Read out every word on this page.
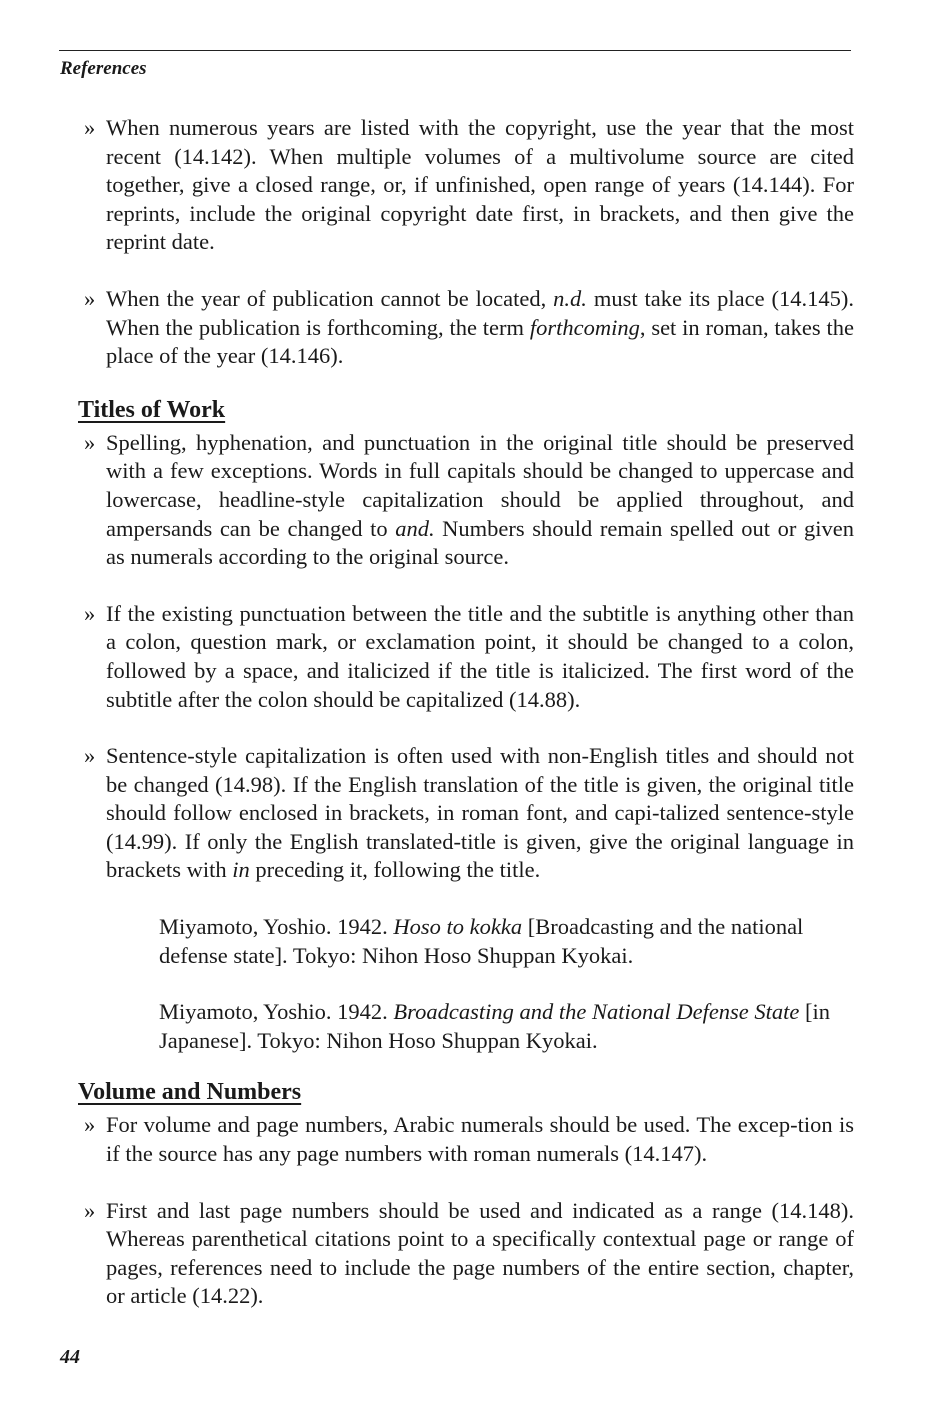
References
» When numerous years are listed with the copyright, use the year that the most recent (14.142). When multiple volumes of a multivolume source are cited together, give a closed range, or, if unfinished, open range of years (14.144). For reprints, include the original copyright date first, in brackets, and then give the reprint date.
» When the year of publication cannot be located, n.d. must take its place (14.145). When the publication is forthcoming, the term forthcoming, set in roman, takes the place of the year (14.146).
Titles of Work
» Spelling, hyphenation, and punctuation in the original title should be preserved with a few exceptions. Words in full capitals should be changed to uppercase and lowercase, headline-style capitalization should be applied throughout, and ampersands can be changed to and. Numbers should remain spelled out or given as numerals according to the original source.
» If the existing punctuation between the title and the subtitle is anything other than a colon, question mark, or exclamation point, it should be changed to a colon, followed by a space, and italicized if the title is italicized. The first word of the subtitle after the colon should be capitalized (14.88).
» Sentence-style capitalization is often used with non-English titles and should not be changed (14.98). If the English translation of the title is given, the original title should follow enclosed in brackets, in roman font, and capi-talized sentence-style (14.99). If only the English translated-title is given, give the original language in brackets with in preceding it, following the title.
Miyamoto, Yoshio. 1942. Hoso to kokka [Broadcasting and the national defense state]. Tokyo: Nihon Hoso Shuppan Kyokai.
Miyamoto, Yoshio. 1942. Broadcasting and the National Defense State [in Japanese]. Tokyo: Nihon Hoso Shuppan Kyokai.
Volume and Numbers
» For volume and page numbers, Arabic numerals should be used. The excep-tion is if the source has any page numbers with roman numerals (14.147).
» First and last page numbers should be used and indicated as a range (14.148). Whereas parenthetical citations point to a specifically contextual page or range of pages, references need to include the page numbers of the entire section, chapter, or article (14.22).
44
